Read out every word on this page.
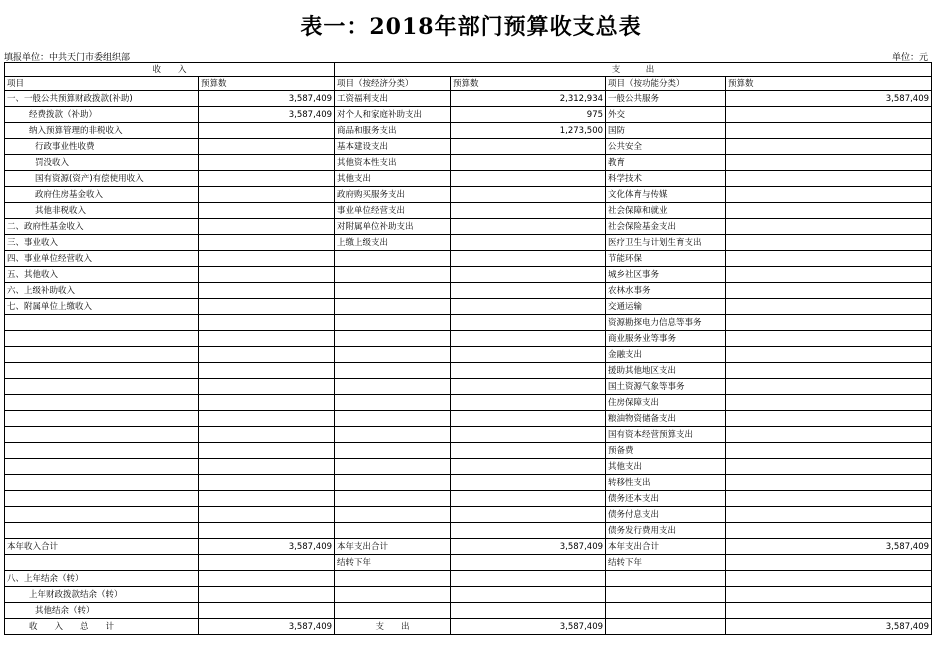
表一：2018年部门预算收支总表
填报单位：中共天门市委组织部	单位：元
收　　入		支　　　出			
项目	预算数	项目（按经济分类）	预算数	项目（按功能分类）	预算数
一、一般公共预算财政拨款(补助)	3,587,409	工资福利支出	2,312,934	一般公共服务	3,587,409
经费拨款（补助）	3,587,409	对个人和家庭补助支出	975	外交	
纳入预算管理的非税收入		商品和服务支出	1,273,500	国防	
行政事业性收费		基本建设支出		公共安全	
罚没收入		其他资本性支出		教育	
国有资源(资产)有偿使用收入		其他支出		科学技术	
政府住房基金收入		政府购买服务支出		文化体育与传媒	
其他非税收入		事业单位经营支出		社会保障和就业	
二、政府性基金收入		对附属单位补助支出		社会保险基金支出	
三、事业收入		上缴上级支出		医疗卫生与计划生育支出	
四、事业单位经营收入				节能环保	
五、其他收入				城乡社区事务	
六、上级补助收入				农林水事务	
七、附属单位上缴收入				交通运输	
				资源勘探电力信息等事务	
				商业服务业等事务	
				金融支出	
				援助其他地区支出	
				国土资源气象等事务	
				住房保障支出	
				粮油物资储备支出	
				国有资本经营预算支出	
				预备费	
				其他支出	
				转移性支出	
				债务还本支出	
				债务付息支出	
				债务发行费用支出	
本年收入合计	3,587,409	本年支出合计	3,587,409	本年支出合计	3,587,409
		结转下年		结转下年	
八、上年结余（转）					
上年财政拨款结余（转）					
其他结余（转）					
收　　入　　总　　计	3,587,409	支　　出	3,587,409		3,587,409
